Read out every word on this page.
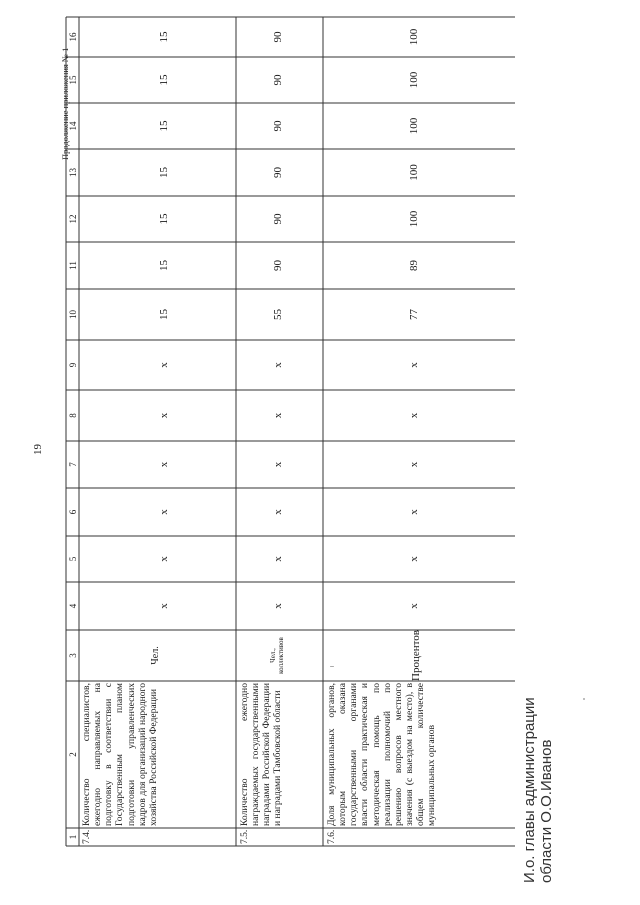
19
Продолжение приложения № 1
1
2
3
4
5
6
7
8
9
10
11
12
13
14
15
16
7.4.
Количество специалистов, ежегодно направляемых на подготовку в соответствии с Государственным планом подготовки управленческих кадров для организаций народного хозяйства Российской Федерации
Чел.
x
x
x
x
x
x
15
15
15
15
15
15
15
7.5.
Количество ежегодно награждаемых государственными наградами Российской Федерации и наградами Тамбовской области
Чел., коллективов
x
x
x
x
x
x
55
90
90
90
90
90
90
7.6.
Доля муниципальных органов, которым оказана государственными органами власти области практическая и методическая помощь по реализации полномочий по решению вопросов местного значения (с выездом на место), в общем количестве муниципальных органов
Процентов
x
x
x
x
x
x
77
89
100
100
100
100
100
И.о. главы администрации области О.О.Иванов
